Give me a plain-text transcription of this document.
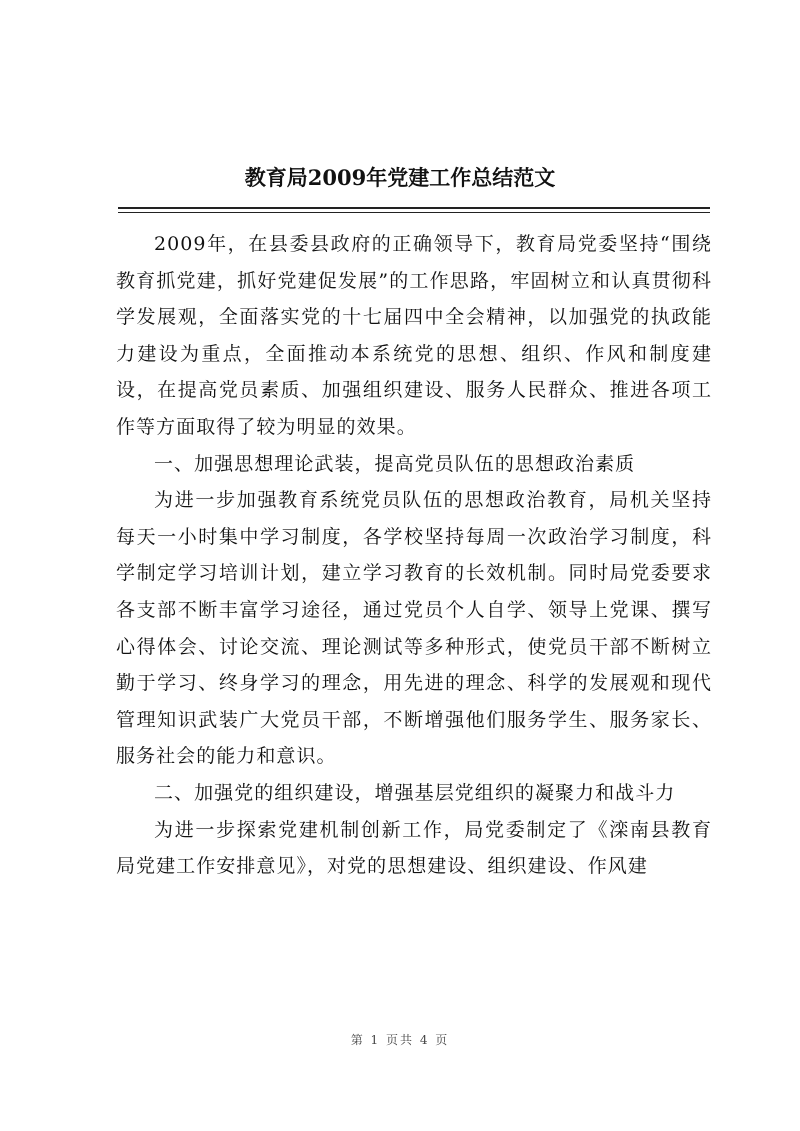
教育局2009年党建工作总结范文

2009年，在县委县政府的正确领导下，教育局党委坚持“围绕教育抓党建，抓好党建促发展”的工作思路，牢固树立和认真贯彻科学发展观，全面落实党的十七届四中全会精神，以加强党的执政能力建设为重点，全面推动本系统党的思想、组织、作风和制度建设，在提高党员素质、加强组织建设、服务人民群众、推进各项工作等方面取得了较为明显的效果。

一、加强思想理论武装，提高党员队伍的思想政治素质

为进一步加强教育系统党员队伍的思想政治教育，局机关坚持每天一小时集中学习制度，各学校坚持每周一次政治学习制度，科学制定学习培训计划，建立学习教育的长效机制。同时局党委要求各支部不断丰富学习途径，通过党员个人自学、领导上党课、撰写心得体会、讨论交流、理论测试等多种形式，使党员干部不断树立勤于学习、终身学习的理念，用先进的理念、科学的发展观和现代管理知识武装广大党员干部，不断增强他们服务学生、服务家长、服务社会的能力和意识。

二、加强党的组织建设，增强基层党组织的凝聚力和战斗力

为进一步探索党建机制创新工作，局党委制定了《滦南县教育局党建工作安排意见》，对党的思想建设、组织建设、作风建

第 1 页共 4 页
